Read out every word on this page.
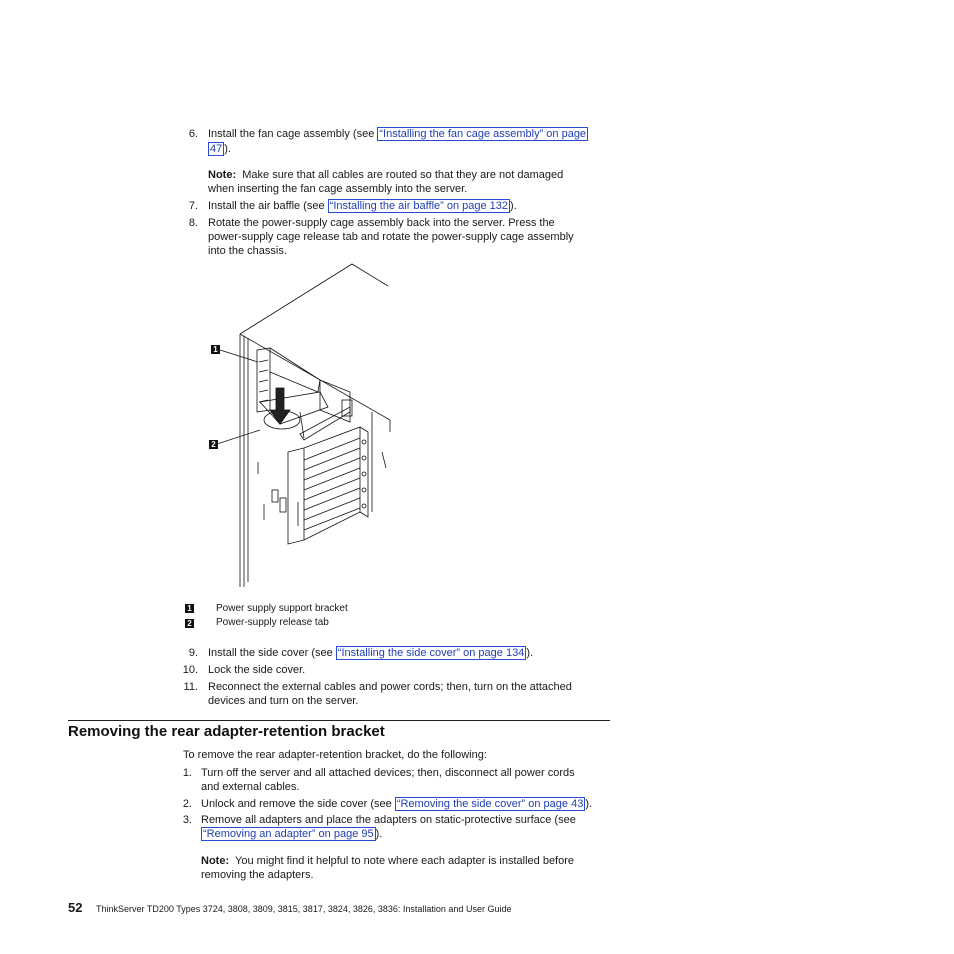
6. Install the fan cage assembly (see “Installing the fan cage assembly” on page
47 ).
Note: Make sure that all cables are routed so that they are not damaged
when inserting the fan cage assembly into the server.
7. Install the air baffle (see “Installing the air baffle” on page 132 ).
8. Rotate the power-supply cage assembly back into the server. Press the
power-supply cage release tab and rotate the power-supply cage assembly
into the chassis.
1
2
1 Power supply support bracket
2 Power-supply release tab
9. Install the side cover (see “Installing the side cover” on page 134 ).
10. Lock the side cover.
11. Reconnect the external cables and power cords; then, turn on the attached
devices and turn on the server.
Removing the rear adapter-retention bracket
To remove the rear adapter-retention bracket, do the following:
1. Turn off the server and all attached devices; then, disconnect all power cords
and external cables.
2. Unlock and remove the side cover (see “Removing the side cover” on page 43 ).
3. Remove all adapters and place the adapters on static-protective surface (see
“Removing an adapter” on page 95 ).
Note: You might find it helpful to note where each adapter is installed before
removing the adapters.
52 ThinkServer TD200 Types 3724, 3808, 3809, 3815, 3817, 3824, 3826, 3836: Installation and User Guide
